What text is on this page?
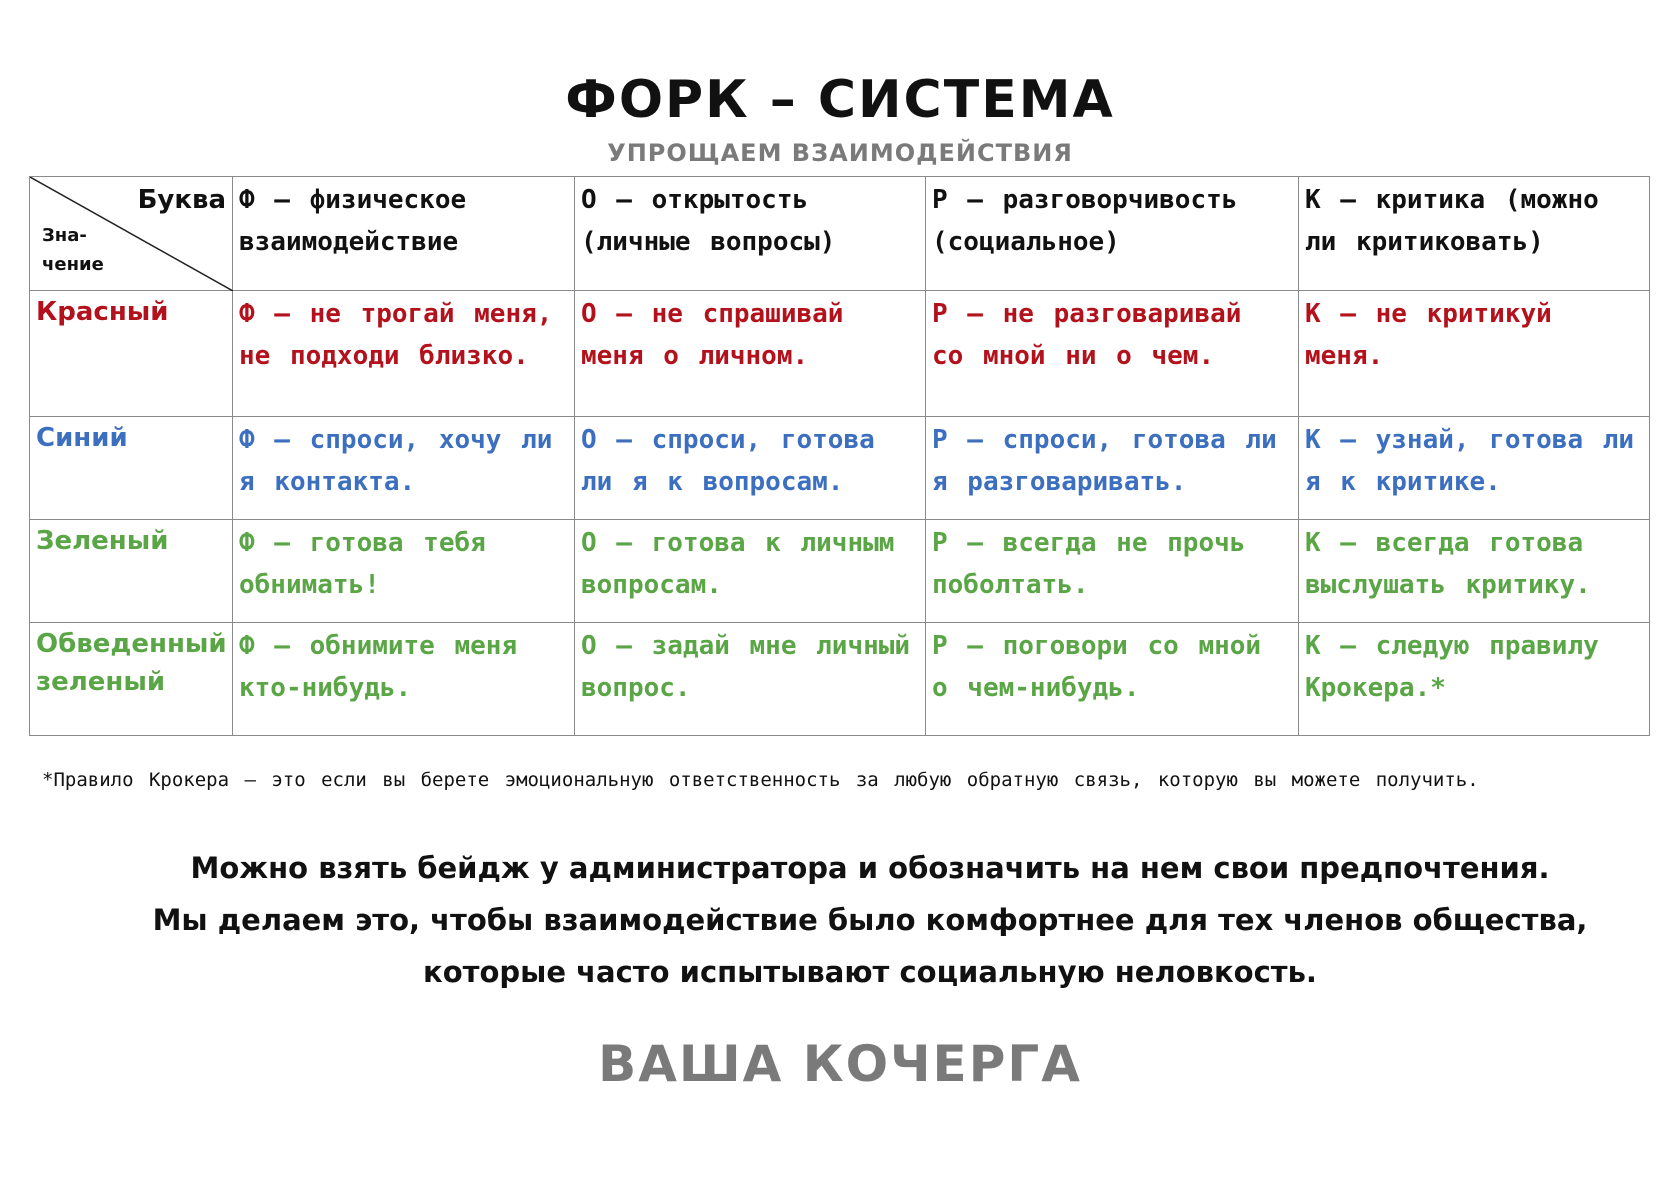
ФОРК – СИСТЕМА
УПРОЩАЕМ ВЗАИМОДЕЙСТВИЯ
Буква
Зна-
чение	Ф — физическое взаимодействие	О — открытость (личные вопросы)	Р — разговорчивость (социальное)	К — критика (можно ли критиковать)
Красный	Ф — не трогай меня, не подходи близко.	О — не спрашивай меня о личном.	Р — не разговаривай со мной ни о чем.	К — не критикуй меня.
Синий	Ф — спроси, хочу ли я контакта.	О — спроси, готова ли я к вопросам.	Р — спроси, готова ли я разговаривать.	К — узнай, готова ли я к критике.
Зеленый	Ф — готова тебя обнимать!	О — готова к личным вопросам.	Р — всегда не прочь поболтать.	К — всегда готова выслушать критику.
Обведенный зеленый	Ф — обнимите меня кто-нибудь.	О — задай мне личный вопрос.	Р — поговори со мной о чем-нибудь.	К — следую правилу Крокера.*
*Правило Крокера — это если вы берете эмоциональную ответственность за любую обратную связь, которую вы можете получить.
Можно взять бейдж у администратора и обозначить на нем свои предпочтения.
Мы делаем это, чтобы взаимодействие было комфортнее для тех членов общества,
которые часто испытывают социальную неловкость.
ВАША КОЧЕРГА
